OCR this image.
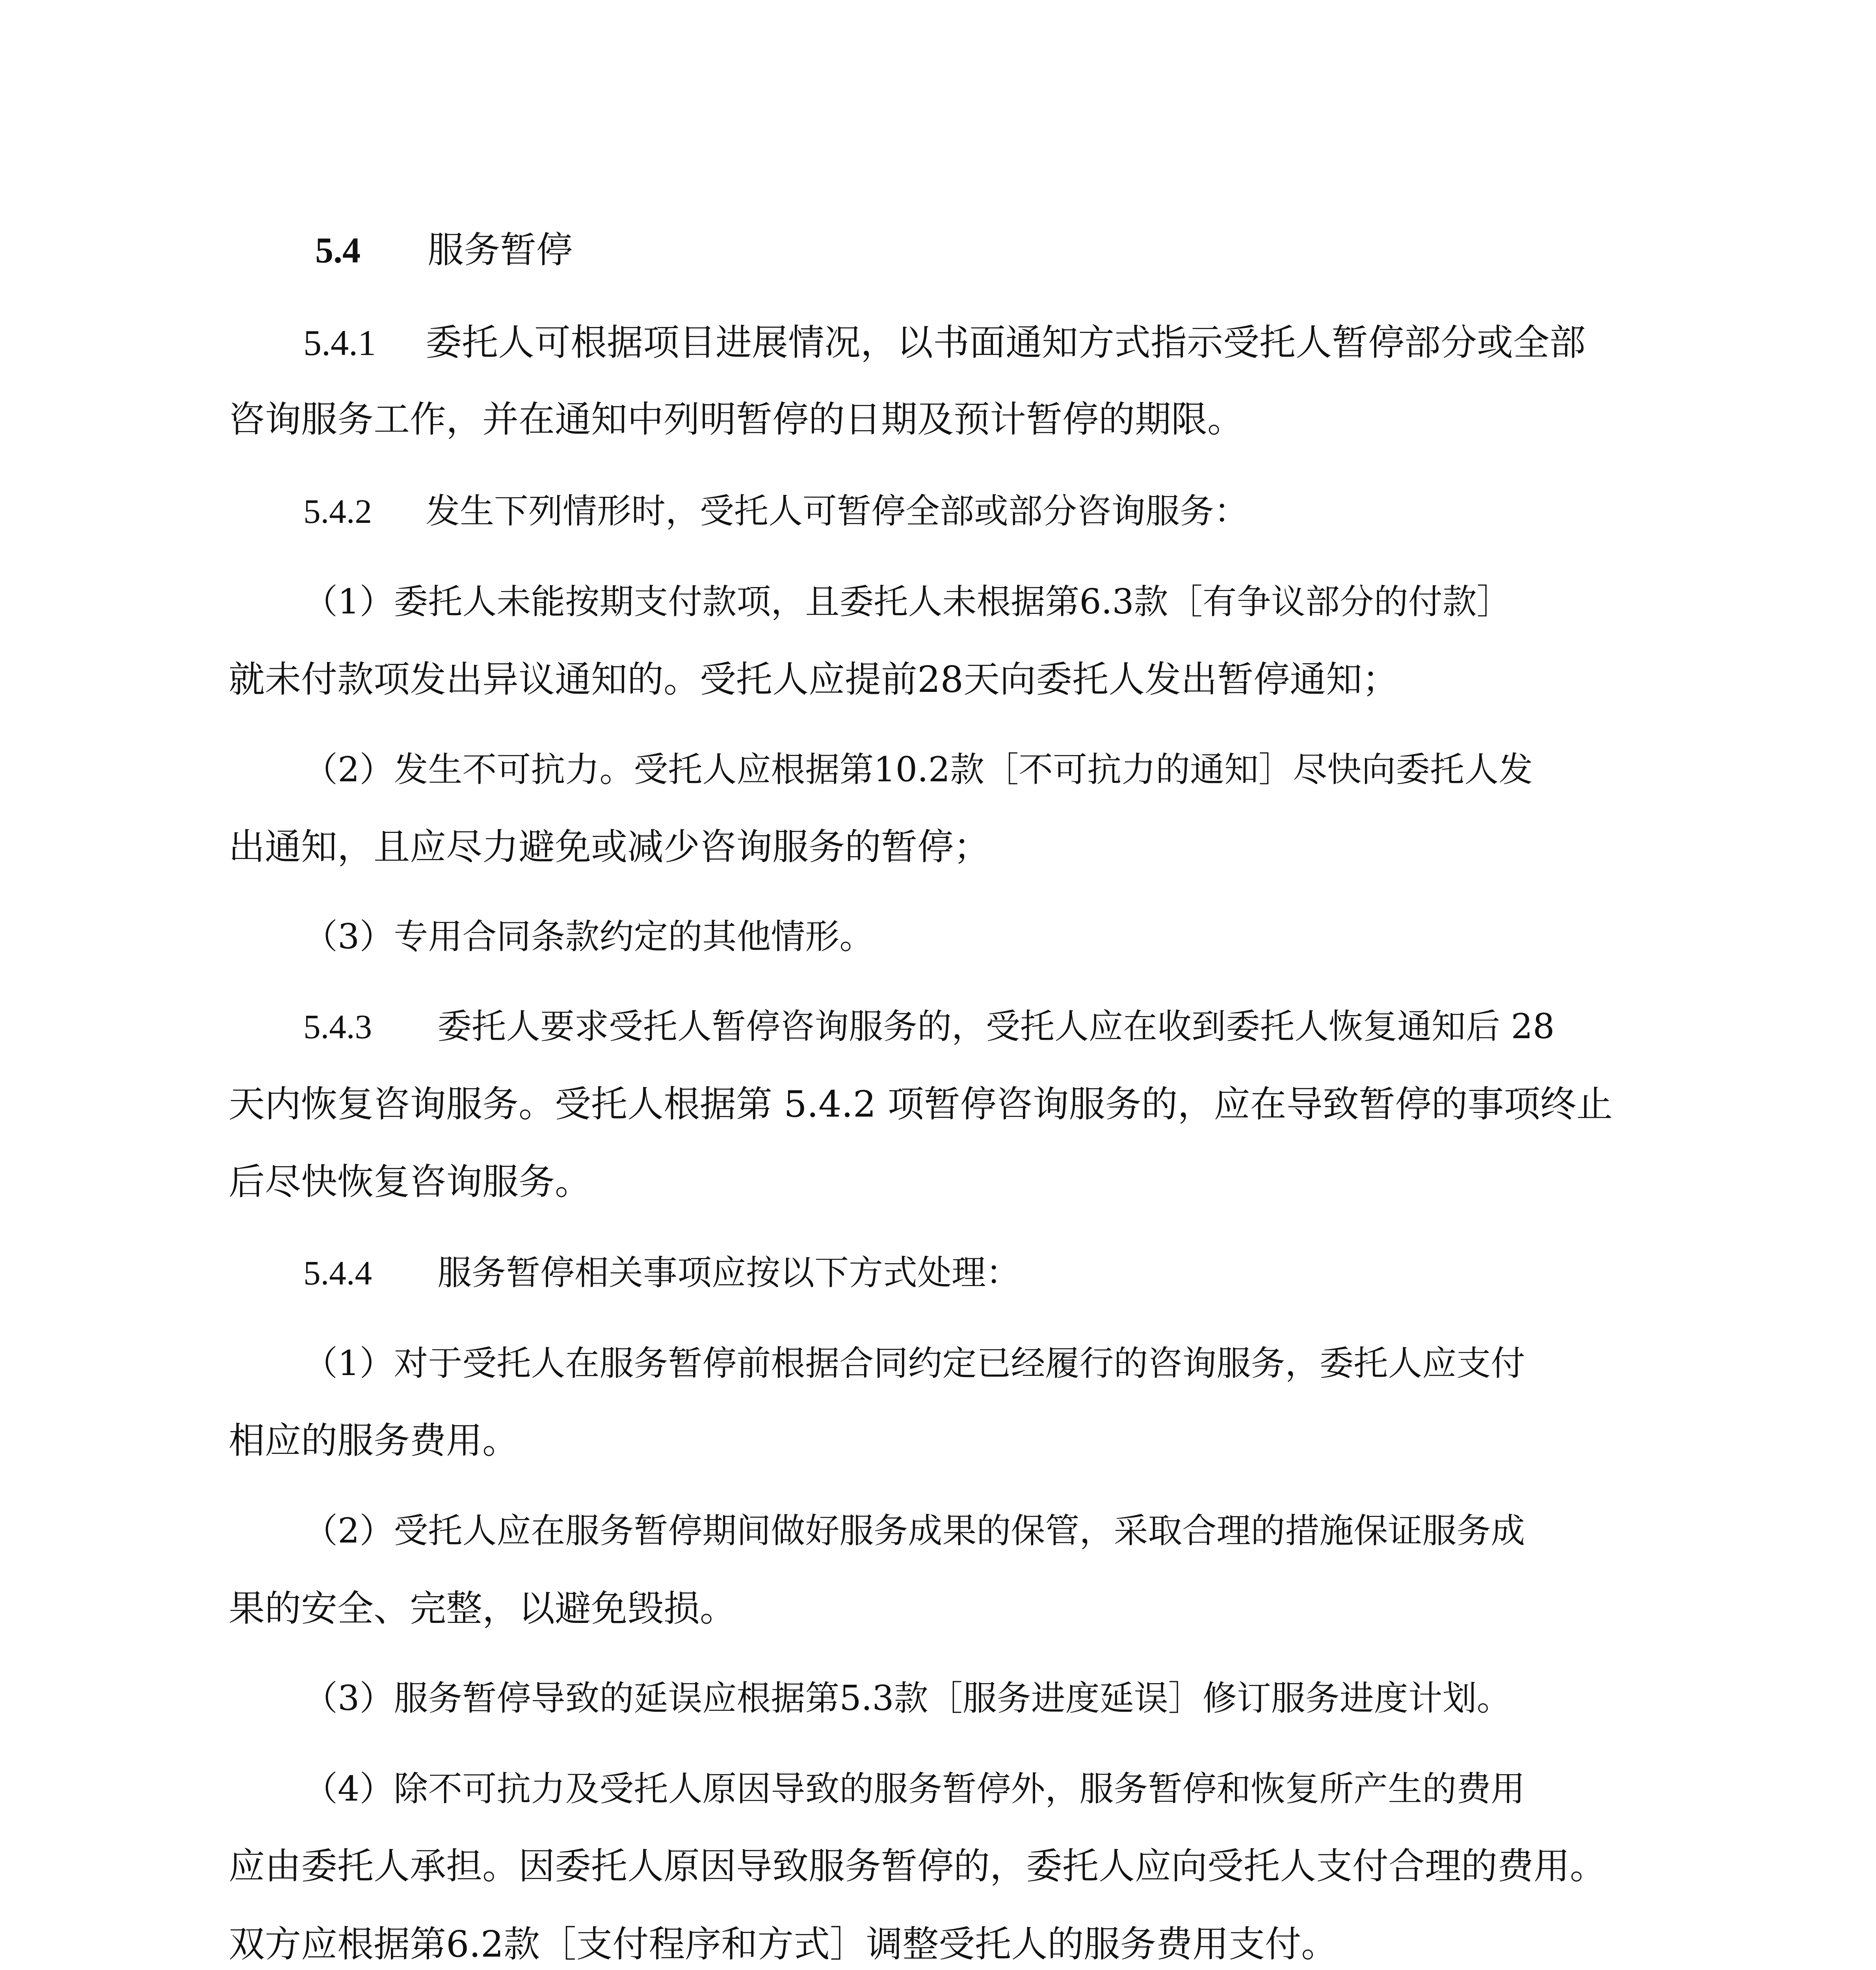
5.4 服务暂停
5.4.1 委托人可根据项目进展情况，以书面通知方式指示受托人暂停部分或全部
咨询服务工作，并在通知中列明暂停的日期及预计暂停的期限。
5.4.2 发生下列情形时，受托人可暂停全部或部分咨询服务：
（1）委托人未能按期支付款项，且委托人未根据第6.3款［有争议部分的付款］
就未付款项发出异议通知的。受托人应提前28天向委托人发出暂停通知；
（2）发生不可抗力。受托人应根据第10.2款［不可抗力的通知］尽快向委托人发
出通知，且应尽力避免或减少咨询服务的暂停；
（3）专用合同条款约定的其他情形。
5.4.3 委托人要求受托人暂停咨询服务的，受托人应在收到委托人恢复通知后 28
天内恢复咨询服务。受托人根据第 5.4.2 项暂停咨询服务的，应在导致暂停的事项终止
后尽快恢复咨询服务。
5.4.4 服务暂停相关事项应按以下方式处理：
（1）对于受托人在服务暂停前根据合同约定已经履行的咨询服务，委托人应支付
相应的服务费用。
（2）受托人应在服务暂停期间做好服务成果的保管，采取合理的措施保证服务成
果的安全、完整，以避免毁损。
（3）服务暂停导致的延误应根据第5.3款［服务进度延误］修订服务进度计划。
（4）除不可抗力及受托人原因导致的服务暂停外，服务暂停和恢复所产生的费用
应由委托人承担。因委托人原因导致服务暂停的，委托人应向受托人支付合理的费用。
双方应根据第6.2款［支付程序和方式］调整受托人的服务费用支付。
